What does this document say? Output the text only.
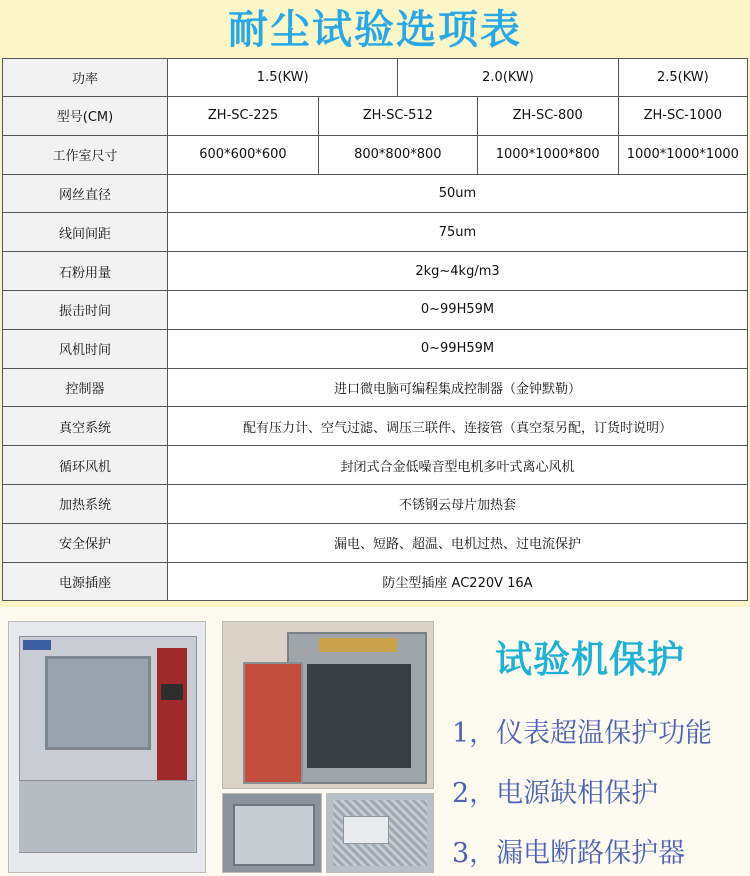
耐尘试验选项表
功率	1.5(KW)		2.0(KW)		2.5(KW)
型号(CM)	ZH-SC-225	ZH-SC-512		ZH-SC-800	ZH-SC-1000
工作室尺寸	600*600*600	800*800*800		1000*1000*800	1000*1000*1000
网丝直径	50um				
线间间距	75um				
石粉用量	2kg~4kg/m3				
振击时间	0~99H59M				
风机时间	0~99H59M				
控制器	进口微电脑可编程集成控制器（金钟默勒）				
真空系统	配有压力计、空气过滤、调压三联件、连接管（真空泵另配，订货时说明）				
循环风机	封闭式合金低噪音型电机多叶式离心风机				
加热系统	不锈钢云母片加热套				
安全保护	漏电、短路、超温、电机过热、过电流保护				
电源插座	防尘型插座 AC220V 16A				
试验机保护
1，仪表超温保护功能
2，电源缺相保护
3，漏电断路保护器
